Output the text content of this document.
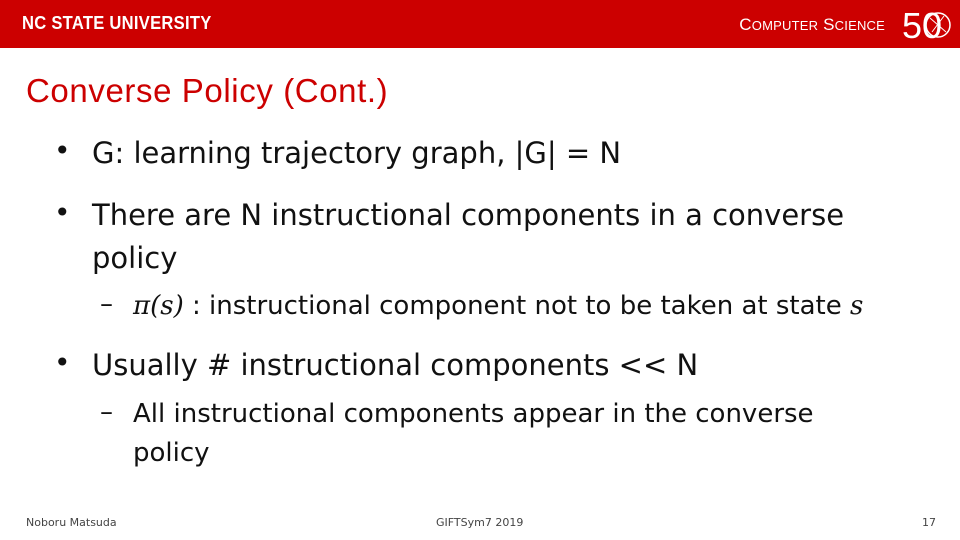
NC STATE UNIVERSITY	COMPUTER SCIENCE 50
Converse Policy (Cont.)
• G: learning trajectory graph, |G| = N
• There are N instructional components in a converse
policy
– π(s) : instructional component not to be taken at state s
• Usually # instructional components << N
– All instructional components appear in the converse
policy
Noboru Matsuda	GIFTSym7 2019	17
